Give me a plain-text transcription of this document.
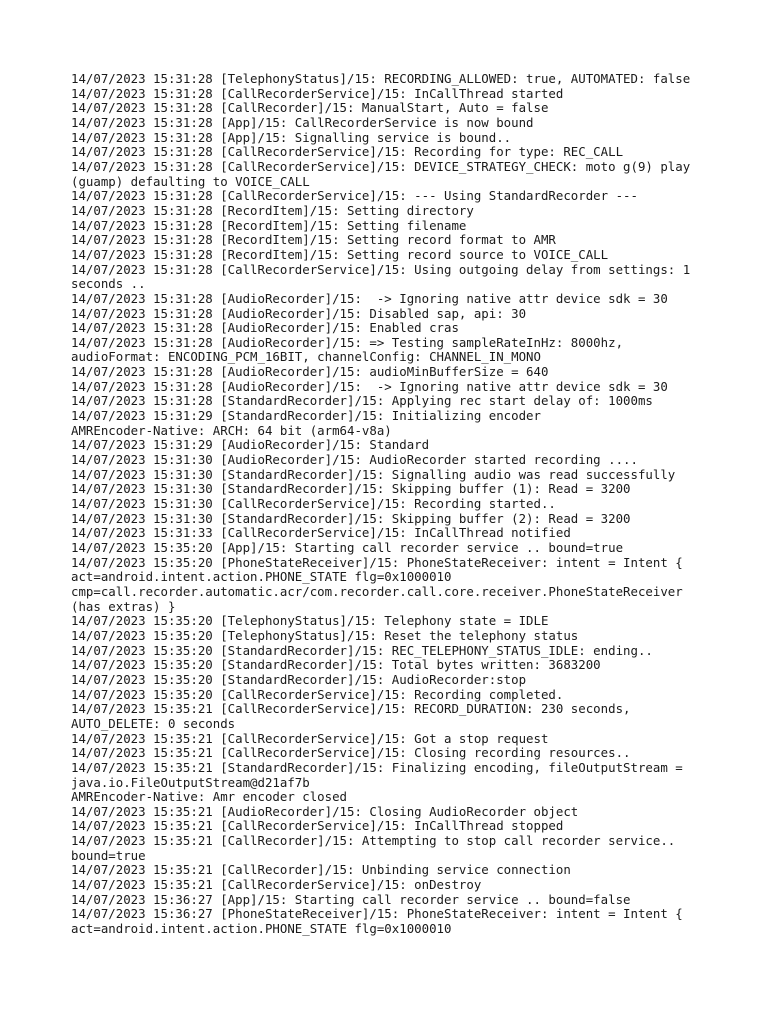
14/07/2023 15:31:28 [TelephonyStatus]/15: RECORDING_ALLOWED: true, AUTOMATED: false
14/07/2023 15:31:28 [CallRecorderService]/15: InCallThread started
14/07/2023 15:31:28 [CallRecorder]/15: ManualStart, Auto = false
14/07/2023 15:31:28 [App]/15: CallRecorderService is now bound
14/07/2023 15:31:28 [App]/15: Signalling service is bound..
14/07/2023 15:31:28 [CallRecorderService]/15: Recording for type: REC_CALL
14/07/2023 15:31:28 [CallRecorderService]/15: DEVICE_STRATEGY_CHECK: moto g(9) play (guamp) defaulting to VOICE_CALL
14/07/2023 15:31:28 [CallRecorderService]/15: --- Using StandardRecorder ---
14/07/2023 15:31:28 [RecordItem]/15: Setting directory
14/07/2023 15:31:28 [RecordItem]/15: Setting filename
14/07/2023 15:31:28 [RecordItem]/15: Setting record format to AMR
14/07/2023 15:31:28 [RecordItem]/15: Setting record source to VOICE_CALL
14/07/2023 15:31:28 [CallRecorderService]/15: Using outgoing delay from settings: 1 seconds ..
14/07/2023 15:31:28 [AudioRecorder]/15:  -> Ignoring native attr device sdk = 30
14/07/2023 15:31:28 [AudioRecorder]/15: Disabled sap, api: 30
14/07/2023 15:31:28 [AudioRecorder]/15: Enabled cras
14/07/2023 15:31:28 [AudioRecorder]/15: => Testing sampleRateInHz: 8000hz, audioFormat: ENCODING_PCM_16BIT, channelConfig: CHANNEL_IN_MONO
14/07/2023 15:31:28 [AudioRecorder]/15: audioMinBufferSize = 640
14/07/2023 15:31:28 [AudioRecorder]/15:  -> Ignoring native attr device sdk = 30
14/07/2023 15:31:28 [StandardRecorder]/15: Applying rec start delay of: 1000ms
14/07/2023 15:31:29 [StandardRecorder]/15: Initializing encoder
AMREncoder-Native: ARCH: 64 bit (arm64-v8a)
14/07/2023 15:31:29 [AudioRecorder]/15: Standard
14/07/2023 15:31:30 [AudioRecorder]/15: AudioRecorder started recording ....
14/07/2023 15:31:30 [StandardRecorder]/15: Signalling audio was read successfully
14/07/2023 15:31:30 [StandardRecorder]/15: Skipping buffer (1): Read = 3200
14/07/2023 15:31:30 [CallRecorderService]/15: Recording started..
14/07/2023 15:31:30 [StandardRecorder]/15: Skipping buffer (2): Read = 3200
14/07/2023 15:31:33 [CallRecorderService]/15: InCallThread notified
14/07/2023 15:35:20 [App]/15: Starting call recorder service .. bound=true
14/07/2023 15:35:20 [PhoneStateReceiver]/15: PhoneStateReceiver: intent = Intent { act=android.intent.action.PHONE_STATE flg=0x1000010 cmp=call.recorder.automatic.acr/com.recorder.call.core.receiver.PhoneStateReceiver (has extras) }
14/07/2023 15:35:20 [TelephonyStatus]/15: Telephony state = IDLE
14/07/2023 15:35:20 [TelephonyStatus]/15: Reset the telephony status
14/07/2023 15:35:20 [StandardRecorder]/15: REC_TELEPHONY_STATUS_IDLE: ending..
14/07/2023 15:35:20 [StandardRecorder]/15: Total bytes written: 3683200
14/07/2023 15:35:20 [StandardRecorder]/15: AudioRecorder:stop
14/07/2023 15:35:20 [CallRecorderService]/15: Recording completed.
14/07/2023 15:35:21 [CallRecorderService]/15: RECORD_DURATION: 230 seconds, AUTO_DELETE: 0 seconds
14/07/2023 15:35:21 [CallRecorderService]/15: Got a stop request
14/07/2023 15:35:21 [CallRecorderService]/15: Closing recording resources..
14/07/2023 15:35:21 [StandardRecorder]/15: Finalizing encoding, fileOutputStream = java.io.FileOutputStream@d21af7b
AMREncoder-Native: Amr encoder closed
14/07/2023 15:35:21 [AudioRecorder]/15: Closing AudioRecorder object
14/07/2023 15:35:21 [CallRecorderService]/15: InCallThread stopped
14/07/2023 15:35:21 [CallRecorder]/15: Attempting to stop call recorder service.. bound=true
14/07/2023 15:35:21 [CallRecorder]/15: Unbinding service connection
14/07/2023 15:35:21 [CallRecorderService]/15: onDestroy
14/07/2023 15:36:27 [App]/15: Starting call recorder service .. bound=false
14/07/2023 15:36:27 [PhoneStateReceiver]/15: PhoneStateReceiver: intent = Intent { act=android.intent.action.PHONE_STATE flg=0x1000010
